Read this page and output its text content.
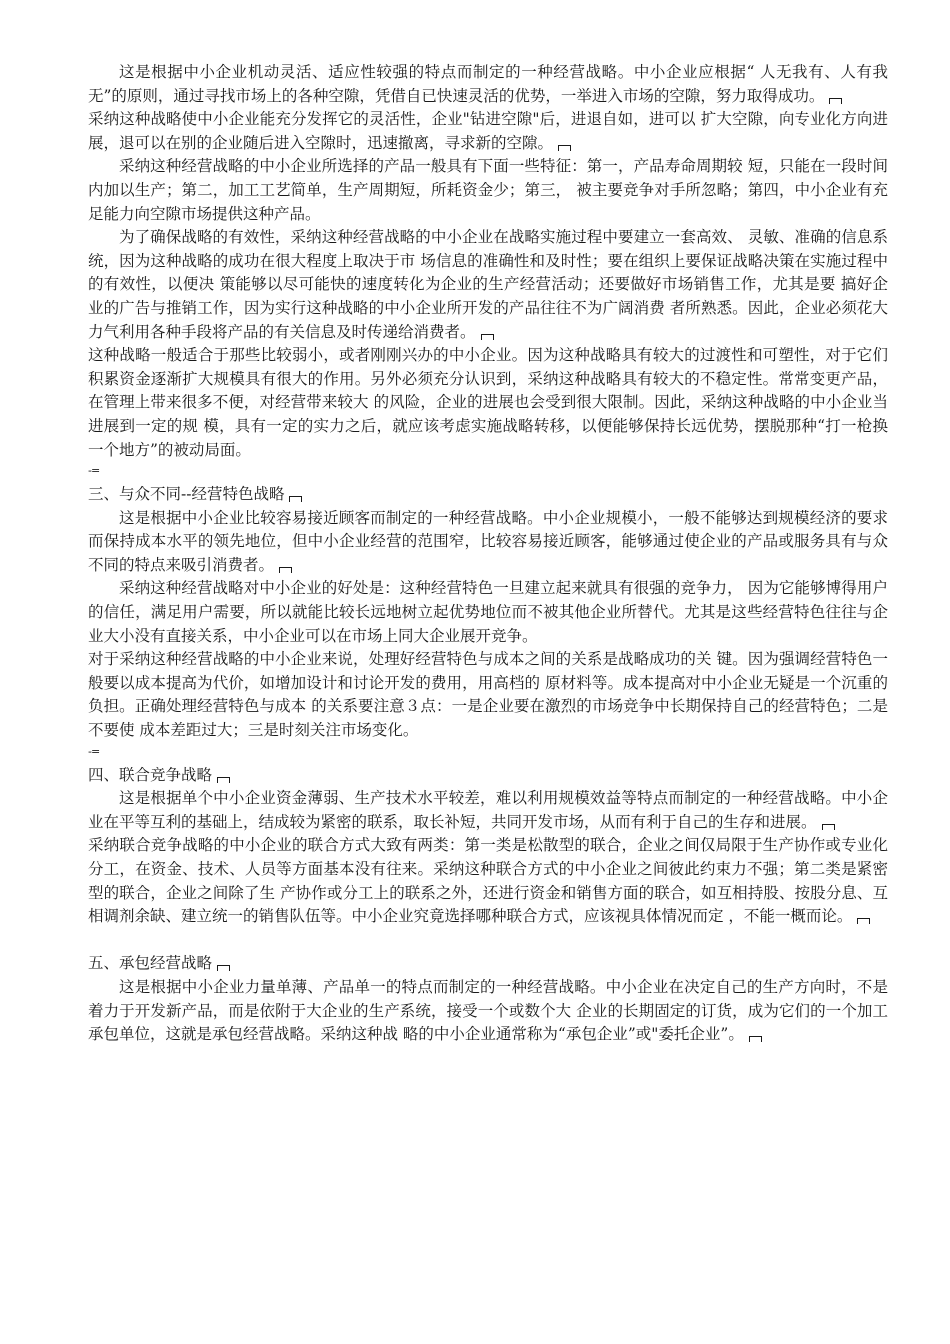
这是根据中小企业机动灵活、适应性较强的特点而制定的一种经营战略。中小企业应根据“ 人无我有、人有我无”的原则，通过寻找市场上的各种空隙，凭借自已快速灵活的优势，一举进入市场的空隙，努力取得成功。

采纳这种战略使中小企业能充分发挥它的灵活性，企业"钻进空隙"后，进退自如，进可以 扩大空隙，向专业化方向进展，退可以在别的企业随后进入空隙时，迅速撤离，寻求新的空隙。

采纳这种经营战略的中小企业所选择的产品一般具有下面一些特征：第一，产品寿命周期较 短，只能在一段时间内加以生产；第二，加工工艺简单，生产周期短，所耗资金少；第三， 被主要竞争对手所忽略；第四，中小企业有充足能力向空隙市场提供这种产品。

为了确保战略的有效性，采纳这种经营战略的中小企业在战略实施过程中要建立一套高效、 灵敏、准确的信息系统，因为这种战略的成功在很大程度上取决于市 场信息的准确性和及时性；要在组织上要保证战略决策在实施过程中的有效性，以便决 策能够以尽可能快的速度转化为企业的生产经营活动；还要做好市场销售工作，尤其是要 搞好企业的广告与推销工作，因为实行这种战略的中小企业所开发的产品往往不为广阔消费 者所熟悉。因此，企业必须花大力气利用各种手段将产品的有关信息及时传递给消费者。

这种战略一般适合于那些比较弱小，或者刚刚兴办的中小企业。因为这种战略具有较大的过渡性和可塑性，对于它们积累资金逐渐扩大规模具有很大的作用。另外必须充分认识到，采纳这种战略具有较大的不稳定性。常常变更产品，在管理上带来很多不便，对经营带来较大 的风险，企业的进展也会受到很大限制。因此，采纳这种战略的中小企业当进展到一定的规 模，具有一定的实力之后，就应该考虑实施战略转移，以便能够保持长远优势，摆脱那种“打一枪换一个地方”的被动局面。

-=

三、与众不同--经营特色战略

这是根据中小企业比较容易接近顾客而制定的一种经营战略。中小企业规模小，一般不能够达到规模经济的要求而保持成本水平的领先地位，但中小企业经营的范围窄，比较容易接近顾客，能够通过使企业的产品或服务具有与众不同的特点来吸引消费者。

采纳这种经营战略对中小企业的好处是：这种经营特色一旦建立起来就具有很强的竞争力， 因为它能够博得用户的信任，满足用户需要，所以就能比较长远地树立起优势地位而不被其他企业所替代。尤其是这些经营特色往往与企业大小没有直接关系，中小企业可以在市场上同大企业展开竞争。

对于采纳这种经营战略的中小企业来说，处理好经营特色与成本之间的关系是战略成功的关 键。因为强调经营特色一般要以成本提高为代价，如增加设计和讨论开发的费用，用高档的 原材料等。成本提高对中小企业无疑是一个沉重的负担。正确处理经营特色与成本 的关系要注意３点：一是企业要在激烈的市场竞争中长期保持自己的经营特色；二是不要使 成本差距过大；三是时刻关注市场变化。

-=

四、联合竞争战略

这是根据单个中小企业资金薄弱、生产技术水平较差，难以利用规模效益等特点而制定的一种经营战略。中小企业在平等互利的基础上，结成较为紧密的联系，取长补短，共同开发市场，从而有利于自己的生存和进展。

采纳联合竞争战略的中小企业的联合方式大致有两类：第一类是松散型的联合，企业之间仅局限于生产协作或专业化分工，在资金、技术、人员等方面基本没有往来。采纳这种联合方式的中小企业之间彼此约束力不强；第二类是紧密型的联合，企业之间除了生 产协作或分工上的联系之外，还进行资金和销售方面的联合，如互相持股、按股分息、互相调剂余缺、建立统一的销售队伍等。中小企业究竟选择哪种联合方式，应该视具体情况而定 ，不能一概而论。

五、承包经营战略

这是根据中小企业力量单薄、产品单一的特点而制定的一种经营战略。中小企业在决定自己的生产方向时，不是着力于开发新产品，而是依附于大企业的生产系统，接受一个或数个大 企业的长期固定的订货，成为它们的一个加工承包单位，这就是承包经营战略。采纳这种战 略的中小企业通常称为“承包企业”或"委托企业”。
